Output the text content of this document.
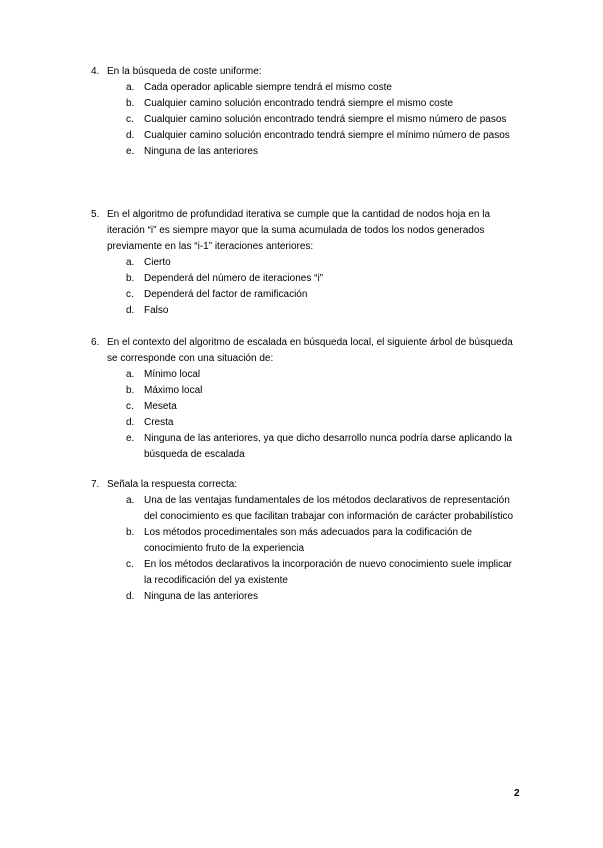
4. En la búsqueda de coste uniforme:
a. Cada operador aplicable siempre tendrá el mismo coste
b. Cualquier camino solución encontrado tendrá siempre el mismo coste
c.	Cualquier camino solución encontrado tendrá siempre el mismo número de pasos
d. Cualquier camino solución encontrado tendrá siempre el mínimo número de pasos
e. Ninguna de las anteriores
5. En el algoritmo de profundidad iterativa se cumple que la cantidad de nodos hoja en la iteración “i” es siempre mayor que la suma acumulada de todos los nodos generados previamente en las “i-1” iteraciones anteriores:
a. Cierto
b. Dependerá del número de iteraciones “i”
c.	Dependerá del factor de ramificación
d. Falso
6. En el contexto del algoritmo de escalada en búsqueda local, el siguiente árbol de búsqueda se corresponde con una situación de:
a. Mínimo local
b. Máximo local
c.	Meseta
d. Cresta
e. Ninguna de las anteriores, ya que dicho desarrollo nunca podría darse aplicando la búsqueda de escalada
7. Señala la respuesta correcta:
a. Una de las ventajas fundamentales de los métodos declarativos de representación del conocimiento es que facilitan trabajar con información de carácter probabilístico
b. Los métodos procedimentales son más adecuados para la codificación de conocimiento fruto de la experiencia
c.	En los métodos declarativos la incorporación de nuevo conocimiento suele implicar la recodificación del ya existente
d. Ninguna de las anteriores
2
